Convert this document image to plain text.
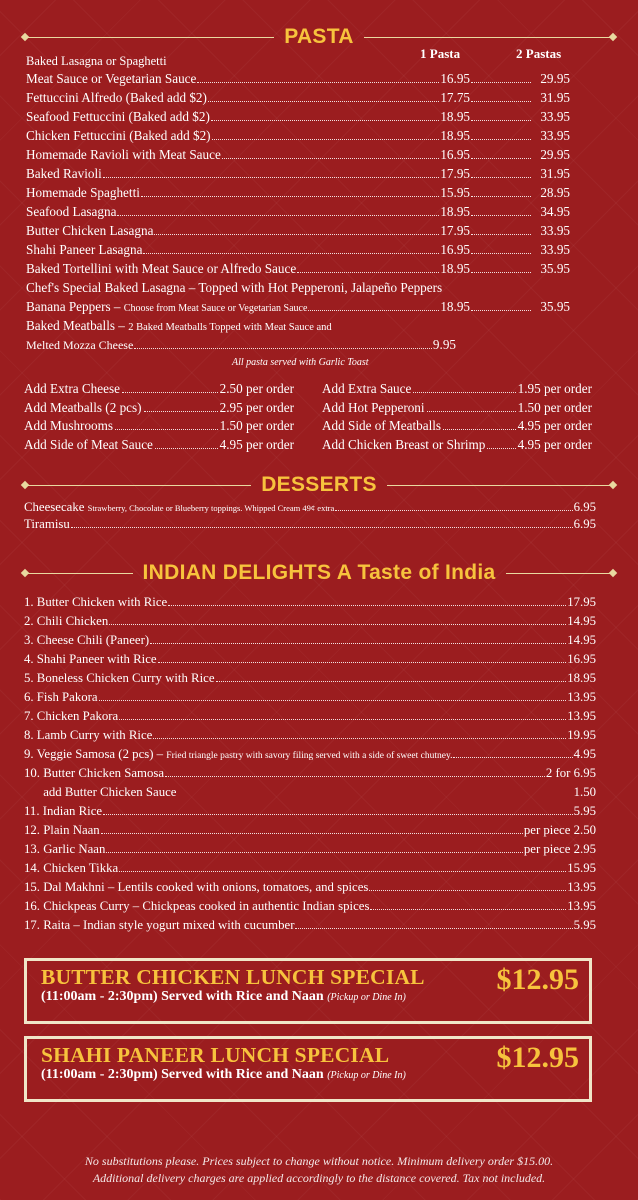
PASTA
1 Pasta	2 Pastas
Baked Lasagna or Spaghetti
Meat Sauce or Vegetarian Sauce	16.95	29.95
Fettuccini Alfredo (Baked add $2)	17.75	31.95
Seafood Fettuccini (Baked add $2)	18.95	33.95
Chicken Fettuccini (Baked add $2)	18.95	33.95
Homemade Ravioli with Meat Sauce	16.95	29.95
Baked Ravioli	17.95	31.95
Homemade Spaghetti	15.95	28.95
Seafood Lasagna	18.95	34.95
Butter Chicken Lasagna	17.95	33.95
Shahi Paneer Lasagna	16.95	33.95
Baked Tortellini with Meat Sauce or Alfredo Sauce	18.95	35.95
Chef's Special Baked Lasagna – Topped with Hot Pepperoni, Jalapeño Peppers
Banana Peppers – Choose from Meat Sauce or Vegetarian Sauce	18.95	35.95
Baked Meatballs – 2 Baked Meatballs Topped with Meat Sauce and
Melted Mozza Cheese	9.95
All pasta served with Garlic Toast
Add Extra Cheese	2.50 per order Add Extra Sauce	1.95 per order
Add Meatballs (2 pcs)	2.95 per order Add Hot Pepperoni	1.50 per order
Add Mushrooms	1.50 per order Add Side of Meatballs	4.95 per order
Add Side of Meat Sauce	4.95 per order Add Chicken Breast or Shrimp 4.95 per order
DESSERTS
Cheesecake Strawberry, Chocolate or Blueberry toppings. Whipped Cream 49¢ extra	6.95
Tiramisu	6.95
INDIAN DELIGHTS A Taste of India
1. Butter Chicken with Rice	17.95
2. Chili Chicken	14.95
3. Cheese Chili (Paneer)	14.95
4. Shahi Paneer with Rice	16.95
5. Boneless Chicken Curry with Rice	18.95
6. Fish Pakora	13.95
7. Chicken Pakora	13.95
8. Lamb Curry with Rice	19.95
9. Veggie Samosa (2 pcs) – Fried triangle pastry with savory filing served with a side of sweet chutney.	4.95
10. Butter Chicken Samosa	2 for 6.95
add Butter Chicken Sauce	1.50
11. Indian Rice	5.95
12. Plain Naan	per piece 2.50
13. Garlic Naan	per piece 2.95
14. Chicken Tikka	15.95
15. Dal Makhni – Lentils cooked with onions, tomatoes, and spices	13.95
16. Chickpeas Curry – Chickpeas cooked in authentic Indian spices	13.95
17. Raita – Indian style yogurt mixed with cucumber	5.95
BUTTER CHICKEN LUNCH SPECIAL	$12.95
(11:00am - 2:30pm) Served with Rice and Naan (Pickup or Dine In)
SHAHI PANEER LUNCH SPECIAL	$12.95
(11:00am - 2:30pm) Served with Rice and Naan (Pickup or Dine In)
No substitutions please. Prices subject to change without notice. Minimum delivery order $15.00.
Additional delivery charges are applied accordingly to the distance covered. Tax not included.
